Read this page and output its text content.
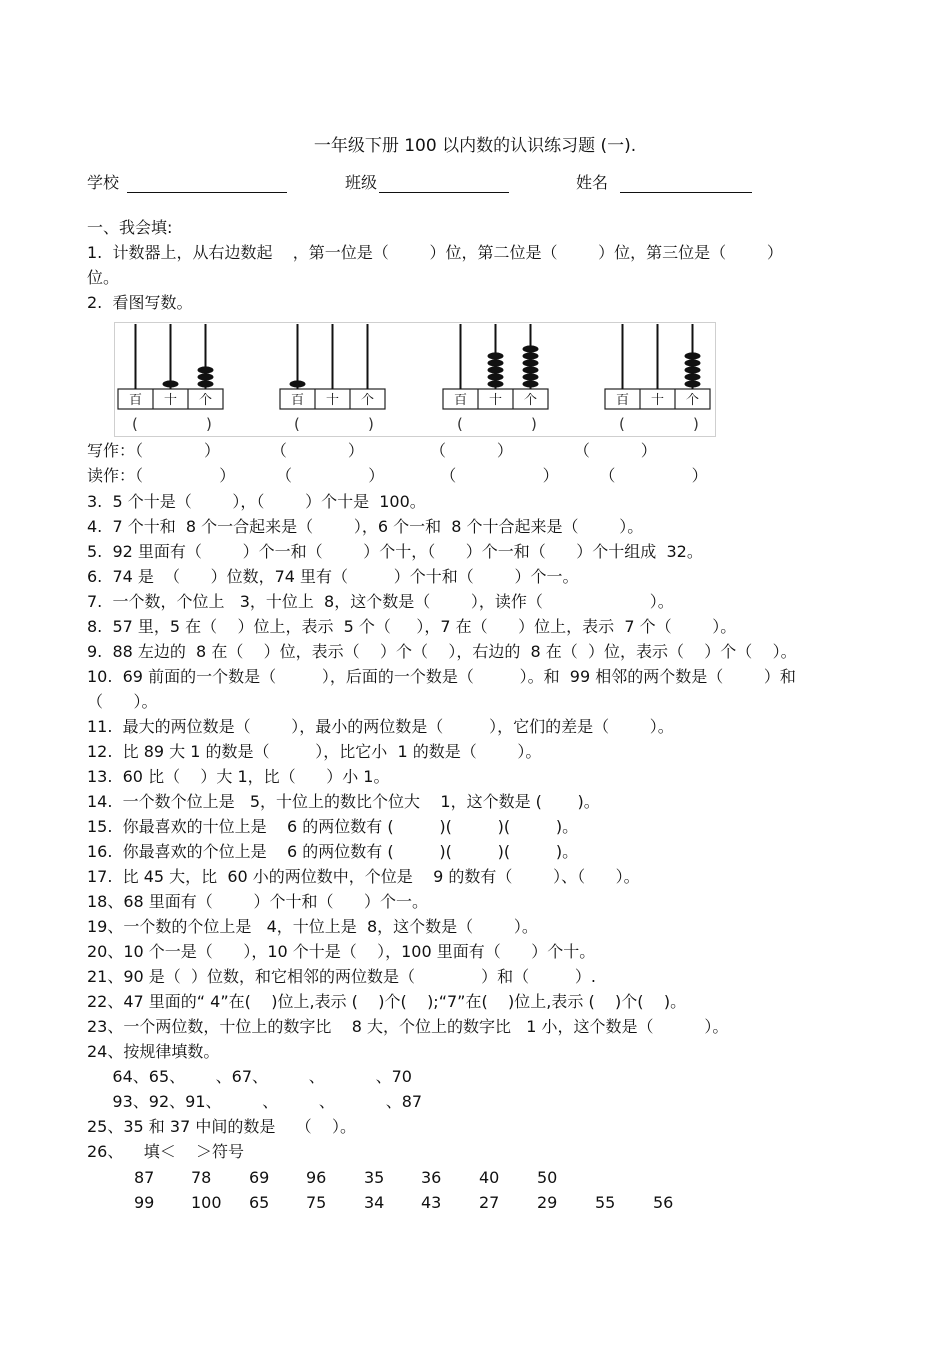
一年级下册 100 以内数的认识练习题 (一).
学校	班级	姓名
一、我会填:
1.  计数器上，从右边数起    ，第一位是（        ）位，第二位是（        ）位，第三位是（        ）
位。
2.  看图写数。
百 十 个
(	)
百 十 个
(	)
百 十 个
(	)
百 十 个
(	)
写作：（            ）          （            ）             （          ）            （          ）
读作：（               ）        （               ）           （                 ）        （               ）
3.  5 个十是（        ），（        ）个十是  100。
4.  7 个十和  8 个一合起来是（        ），6 个一和  8 个十合起来是（        ）。
5.  92 里面有（        ）个一和（        ）个十，（      ）个一和（      ）个十组成  32。
6.  74 是  （      ）位数，74 里有（         ）个十和（        ）个一。
7.  一个数，个位上   3，十位上  8，这个数是（        ），读作（                     ）。
8.  57 里，5 在（    ）位上，表示  5 个（     ），7 在（      ）位上，表示  7 个（        ）。
9.  88 左边的  8 在（    ）位，表示（    ）个（    ），右边的  8 在（  ）位，表示（    ）个（    ）。
10.  69 前面的一个数是（         ），后面的一个数是（         ）。和  99 相邻的两个数是（        ）和
（      ）。
11.  最大的两位数是（        ），最小的两位数是（         ），它们的差是（        ）。
12.  比 89 大 1 的数是（         ），比它小  1 的数是（        ）。
13.  60 比（    ）大 1，比（      ）小 1。
14.  一个数个位上是   5，十位上的数比个位大    1，这个数是 (       )。
15.  你最喜欢的十位上是    6 的两位数有 (         )(         )(         )。
16.  你最喜欢的个位上是    6 的两位数有 (         )(         )(         )。
17.  比 45 大，比  60 小的两位数中，个位是    9 的数有（        ）、（      ）。
18、68 里面有（        ）个十和（      ）个一。
19、一个数的个位上是   4，十位上是  8，这个数是（        ）。
20、10 个一是（      ），10 个十是（    ），100 里面有（      ）个十。
21、90 是（  ）位数，和它相邻的两位数是（             ）和（         ）.
22、47 里面的“ 4”在(    )位上,表示 (    )个(    );“7”在(    )位上,表示 (    )个(    )。
23、一个两位数，十位上的数字比    8 大，个位上的数字比   1 小，这个数是（          ）。
24、按规律填数。
64、65、      、67、        、          、70
93、92、91、        、        、          、87
25、35 和 37 中间的数是    （    ）。
26、    填＜    ＞符号
87 78 69 96 35 36 40 50
99 100 65 75 34 43 27 29 55 56
